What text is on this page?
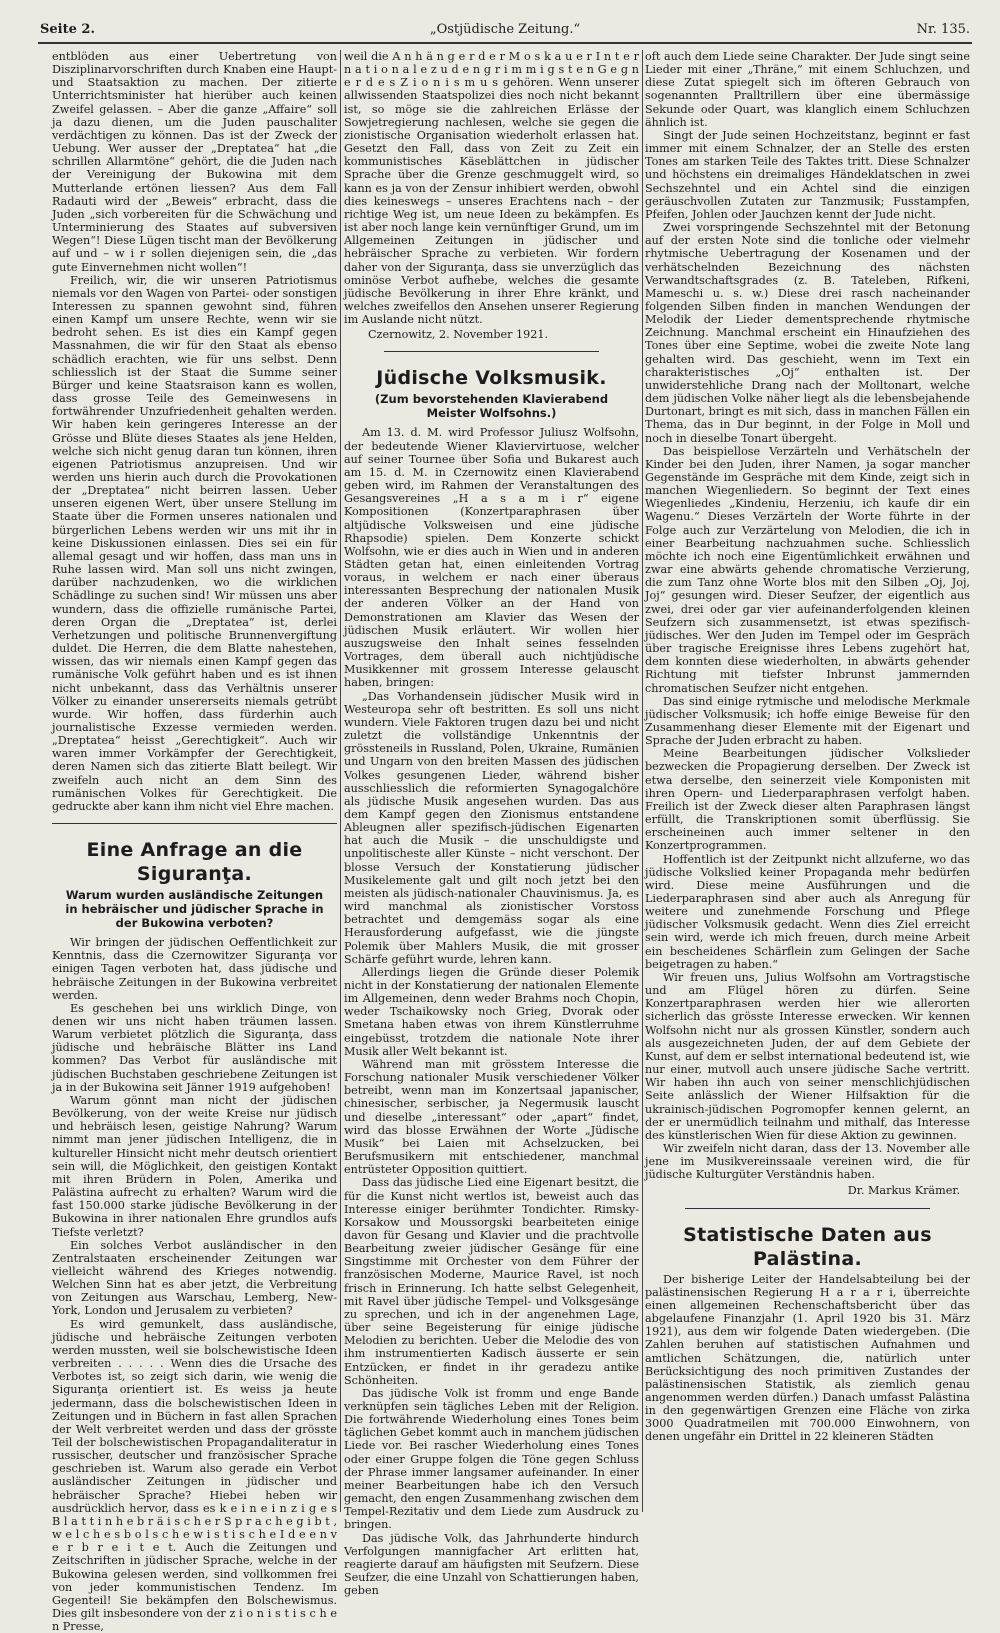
Seite 2.	„Ostjüdische Zeitung.“	Nr. 135.

entblöden aus einer Uebertretung von Disziplinarvorschriften durch Knaben eine Haupt- und Staatsaktion zu machen. Der zitierte Unterrichtsminister hat hierüber auch keinen Zweifel gelassen. – Aber die ganze „Affaire“ soll ja dazu dienen, um die Juden pauschaliter verdächtigen zu können. Das ist der Zweck der Uebung. Wer ausser der „Dreptatea“ hat „die schrillen Allarmtöne“ gehört, die die Juden nach der Vereinigung der Bukowina mit dem Mutterlande ertönen liessen? Aus dem Fall Radauti wird der „Beweis“ erbracht, dass die Juden „sich vorbereiten für die Schwächung und Unterminierung des Staates auf subversiven Wegen“! Diese Lügen tischt man der Bevölkerung auf und – w i r sollen diejenigen sein, die „das gute Einvernehmen nicht wollen“!

Freilich, wir, die wir unseren Patriotismus niemals vor den Wagen von Partei- oder sonstigen Interessen zu spannen gewohnt sind, führen einen Kampf um unsere Rechte, wenn wir sie bedroht sehen. Es ist dies ein Kampf gegen Massnahmen, die wir für den Staat als ebenso schädlich erachten, wie für uns selbst. Denn schliesslich ist der Staat die Summe seiner Bürger und keine Staatsraison kann es wollen, dass grosse Teile des Gemeinwesens in fortwährender Unzufriedenheit gehalten werden. Wir haben kein geringeres Interesse an der Grösse und Blüte dieses Staates als jene Helden, welche sich nicht genug daran tun können, ihren eigenen Patriotismus anzupreisen. Und wir werden uns hierin auch durch die Provokationen der „Dreptatea“ nicht beirren lassen. Ueber unseren eigenen Wert, über unsere Stellung im Staate über die Formen unseres nationalen und bürgerlichen Lebens werden wir uns mit ihr in keine Diskussionen einlassen. Dies sei ein für allemal gesagt und wir hoffen, dass man uns in Ruhe lassen wird. Man soll uns nicht zwingen, darüber nachzudenken, wo die wirklichen Schädlinge zu suchen sind! Wir müssen uns aber wundern, dass die offizielle rumänische Partei, deren Organ die „Dreptatea“ ist, derlei Verhetzungen und politische Brunnenvergiftung duldet. Die Herren, die dem Blatte nahestehen, wissen, das wir niemals einen Kampf gegen das rumänische Volk geführt haben und es ist ihnen nicht unbekannt, dass das Verhältnis unserer Völker zu einander unsererseits niemals getrübt wurde. Wir hoffen, dass fürderhin auch journalistische Exzesse vermieden werden. „Dreptatea“ heisst „Gerechtigkeit“. Auch wir waren immer Vorkämpfer der Gerechtigkeit, deren Namen sich das zitierte Blatt beilegt. Wir zweifeln auch nicht an dem Sinn des rumänischen Volkes für Gerechtigkeit. Die gedruckte aber kann ihm nicht viel Ehre machen.

Eine Anfrage an die Siguranţa.
Warum wurden ausländische Zeitungen in hebräischer und jüdischer Sprache in der Bukowina verboten?

Wir bringen der jüdischen Oeffentlichkeit zur Kenntnis, dass die Czernowitzer Siguranţa vor einigen Tagen verboten hat, dass jüdische und hebräische Zeitungen in der Bukowina verbreitet werden.

Es geschehen bei uns wirklich Dinge, von denen wir uns nicht haben träumen lassen. Warum verbietet plötzlich die Siguranţa, dass jüdische und hebräische Blätter ins Land kommen? Das Verbot für ausländische mit jüdischen Buchstaben geschriebene Zeitungen ist ja in der Bukowina seit Jänner 1919 aufgehoben!

Warum gönnt man nicht der jüdischen Bevölkerung, von der weite Kreise nur jüdisch und hebräisch lesen, geistige Nahrung? Warum nimmt man jener jüdischen Intelligenz, die in kultureller Hinsicht nicht mehr deutsch orientiert sein will, die Möglichkeit, den geistigen Kontakt mit ihren Brüdern in Polen, Amerika und Palästina aufrecht zu erhalten? Warum wird die fast 150.000 starke jüdische Bevölkerung in der Bukowina in ihrer nationalen Ehre grundlos aufs Tiefste verletzt?

Ein solches Verbot ausländischer in den Zentralstaaten erscheinender Zeitungen war vielleicht während des Krieges notwendig. Welchen Sinn hat es aber jetzt, die Verbreitung von Zeitungen aus Warschau, Lemberg, New-York, London und Jerusalem zu verbieten?

Es wird gemunkelt, dass ausländische, jüdische und hebräische Zeitungen verboten werden mussten, weil sie bolschewistische Ideen verbreiten . . . . . Wenn dies die Ursache des Verbotes ist, so zeigt sich darin, wie wenig die Siguranţa orientiert ist. Es weiss ja heute jedermann, dass die bolschewistischen Ideen in Zeitungen und in Büchern in fast allen Sprachen der Welt verbreitet werden und dass der grösste Teil der bolschewistischen Propagandaliteratur in russischer, deutscher und französischer Sprache geschrieben ist. Warum also gerade ein Verbot ausländischer Zeitungen in jüdischer und hebräischer Sprache? Hiebei heben wir ausdrücklich hervor, dass es k e i n e i n z i g e s B l a t t i n h e b r ä i s c h e r S p r a c h e g i b t , w e l c h e s b o l s c h e w i s t i s c h e I d e e n v e r b r e i t e t. Auch die Zeitungen und Zeitschriften in jüdischer Sprache, welche in der Bukowina gelesen werden, sind vollkommen frei von jeder kommunistischen Tendenz. Im Gegenteil! Sie bekämpfen den Bolschewismus. Dies gilt insbesondere von der z i o n i s t i s c h e n Presse,

weil die A n h ä n g e r d e r M o s k a u e r I n t e r n a t i o n a l e z u d e n g r i m m i g s t e n G e g n e r d e s Z i o n i s m u s gehören. Wenn unserer allwissenden Staatspolizei dies noch nicht bekannt ist, so möge sie die zahlreichen Erlässe der Sowjetregierung nachlesen, welche sie gegen die zionistische Organisation wiederholt erlassen hat. Gesetzt den Fall, dass von Zeit zu Zeit ein kommunistisches Käseblättchen in jüdischer Sprache über die Grenze geschmuggelt wird, so kann es ja von der Zensur inhibiert werden, obwohl dies keineswegs – unseres Erachtens nach – der richtige Weg ist, um neue Ideen zu bekämpfen. Es ist aber noch lange kein vernünftiger Grund, um im Allgemeinen Zeitungen in jüdischer und hebräischer Sprache zu verbieten. Wir fordern daher von der Siguranţa, dass sie unverzüglich das ominöse Verbot aufhebe, welches die gesamte jüdische Bevölkerung in ihrer Ehre kränkt, und welches zweifellos den Ansehen unserer Regierung im Auslande nicht nützt.

Czernowitz, 2. November 1921.

Jüdische Volksmusik.
(Zum bevorstehenden Klavierabend Meister Wolfsohns.)

Am 13. d. M. wird Professor Juliusz Wolfsohn, der bedeutende Wiener Klaviervirtuose, welcher auf seiner Tournee über Sofia und Bukarest auch am 15. d. M. in Czernowitz einen Klavierabend geben wird, im Rahmen der Veranstaltungen des Gesangsvereines „H a s a m i r“ eigene Kompositionen (Konzertparaphrasen über altjüdische Volksweisen und eine jüdische Rhapsodie) spielen. Dem Konzerte schickt Wolfsohn, wie er dies auch in Wien und in anderen Städten getan hat, einen einleitenden Vortrag voraus, in welchem er nach einer überaus interessanten Besprechung der nationalen Musik der anderen Völker an der Hand von Demonstrationen am Klavier das Wesen der jüdischen Musik erläutert. Wir wollen hier auszugsweise den Inhalt seines fesselnden Vortrages, dem überall auch nichtjüdische Musikkenner mit grossem Interesse gelauscht haben, bringen:

„Das Vorhandensein jüdischer Musik wird in Westeuropa sehr oft bestritten. Es soll uns nicht wundern. Viele Faktoren trugen dazu bei und nicht zuletzt die vollständige Unkenntnis der grössteneils in Russland, Polen, Ukraine, Rumänien und Ungarn von den breiten Massen des jüdischen Volkes gesungenen Lieder, während bisher ausschliesslich die reformierten Synagogalchöre als jüdische Musik angesehen wurden. Das aus dem Kampf gegen den Zionismus entstandene Ableugnen aller spezifisch-jüdischen Eigenarten hat auch die Musik – die unschuldigste und unpolitischeste aller Künste – nicht verschont. Der blosse Versuch der Konstatierung jüdischer Musikelemente galt und gilt noch jetzt bei den meisten als jüdisch-nationaler Chauvinismus. Ja, es wird manchmal als zionistischer Vorstoss betrachtet und demgemäss sogar als eine Herausforderung aufgefasst, wie die jüngste Polemik über Mahlers Musik, die mit grosser Schärfe geführt wurde, lehren kann.

Allerdings liegen die Gründe dieser Polemik nicht in der Konstatierung der nationalen Elemente im Allgemeinen, denn weder Brahms noch Chopin, weder Tschaikowsky noch Grieg, Dvorak oder Smetana haben etwas von ihrem Künstlerruhme eingebüsst, trotzdem die nationale Note ihrer Musik aller Welt bekannt ist.

Während man mit grösstem Interesse die Forschung nationaler Musik verschiedener Völker betreibt, wenn man im Konzertsaal japanischer, chinesischer, serbischer, ja Negermusik lauscht und dieselbe „interessant“ oder „apart“ findet, wird das blosse Erwähnen der Worte „Jüdische Musik“ bei Laien mit Achselzucken, bei Berufsmusikern mit entschiedener, manchmal entrüsteter Opposition quittiert.

Dass das jüdische Lied eine Eigenart besitzt, die für die Kunst nicht wertlos ist, beweist auch das Interesse einiger berühmter Tondichter. Rimsky-Korsakow und Moussorgski bearbeiteten einige davon für Gesang und Klavier und die prachtvolle Bearbeitung zweier jüdischer Gesänge für eine Singstimme mit Orchester von dem Führer der französischen Moderne, Maurice Ravel, ist noch frisch in Erinnerung. Ich hatte selbst Gelegenheit, mit Ravel über jüdische Tempel- und Volksgesänge zu sprechen, und ich in der angenehmen Lage, über seine Begeisterung für einige jüdische Melodien zu berichten. Ueber die Melodie des von ihm instrumentierten Kadisch äusserte er sein Entzücken, er findet in ihr geradezu antike Schönheiten.

Das jüdische Volk ist fromm und enge Bande verknüpfen sein tägliches Leben mit der Religion. Die fortwährende Wiederholung eines Tones beim täglichen Gebet kommt auch in manchem jüdischen Liede vor. Bei rascher Wiederholung eines Tones oder einer Gruppe folgen die Töne gegen Schluss der Phrase immer langsamer aufeinander. In einer meiner Bearbeitungen habe ich den Versuch gemacht, den engen Zusammenhang zwischen dem Tempel-Rezitativ und dem Liede zum Ausdruck zu bringen.

Das jüdische Volk, das Jahrhunderte hindurch Verfolgungen mannigfacher Art erlitten hat, reagierte darauf am häufigsten mit Seufzern. Diese Seufzer, die eine Unzahl von Schattierungen haben, geben

oft auch dem Liede seine Charakter. Der Jude singt seine Lieder mit einer „Thräne,“ mit einem Schluchzen, und diese Zutat spiegelt sich im öfteren Gebrauch von sogenannten Pralltrillern über eine übermässige Sekunde oder Quart, was klanglich einem Schluchzen ähnlich ist.

Singt der Jude seinen Hochzeitstanz, beginnt er fast immer mit einem Schnalzer, der an Stelle des ersten Tones am starken Teile des Taktes tritt. Diese Schnalzer und höchstens ein dreimaliges Händeklatschen in zwei Sechszehntel und ein Achtel sind die einzigen geräuschvollen Zutaten zur Tanzmusik; Fusstampfen, Pfeifen, Johlen oder Jauchzen kennt der Jude nicht.

Zwei vorspringende Sechszehntel mit der Betonung auf der ersten Note sind die tonliche oder vielmehr rhytmische Uebertragung der Kosenamen und der verhätschelnden Bezeichnung des nächsten Verwandtschaftsgrades (z. B. Tateleben, Rifkeni, Mameschi u. s. w.) Diese drei rasch nacheinander folgenden Silben finden in manchen Wendungen der Melodik der Lieder dementsprechende rhytmische Zeichnung. Manchmal erscheint ein Hinaufziehen des Tones über eine Septime, wobei die zweite Note lang gehalten wird. Das geschieht, wenn im Text ein charakteristisches „Oj“ enthalten ist. Der unwiderstehliche Drang nach der Molltonart, welche dem jüdischen Volke näher liegt als die lebensbejahende Durtonart, bringt es mit sich, dass in manchen Fällen ein Thema, das in Dur beginnt, in der Folge in Moll und noch in dieselbe Tonart übergeht.

Das beispiellose Verzärteln und Verhätscheln der Kinder bei den Juden, ihrer Namen, ja sogar mancher Gegenstände im Gespräche mit dem Kinde, zeigt sich in manchen Wiegenliedern. So beginnt der Text eines Wiegenliedes „Kindeniu, Herzeniu, ich kaufe dir ein Wagenu.“ Dieses Verzärteln der Worte führte in der Folge auch zur Verzärtelung von Melodien, die ich in einer Bearbeitung nachzuahmen suche. Schliesslich möchte ich noch eine Eigentümlichkeit erwähnen und zwar eine abwärts gehende chromatische Verzierung, die zum Tanz ohne Worte blos mit den Silben „Oj, Joj, Joj“ gesungen wird. Dieser Seufzer, der eigentlich aus zwei, drei oder gar vier aufeinanderfolgenden kleinen Seufzern sich zusammensetzt, ist etwas spezifisch-jüdisches. Wer den Juden im Tempel oder im Gespräch über tragische Ereignisse ihres Lebens zugehört hat, dem konnten diese wiederholten, in abwärts gehender Richtung mit tiefster Inbrunst jammernden chromatischen Seufzer nicht entgehen.

Das sind einige rytmische und melodische Merkmale jüdischer Volksmusik; ich hoffe einige Beweise für den Zusammenhang dieser Elemente mit der Eigenart und Sprache der Juden erbracht zu haben.

Meine Bearbeitungen jüdischer Volkslieder bezwecken die Propagierung derselben. Der Zweck ist etwa derselbe, den seinerzeit viele Komponisten mit ihren Opern- und Liederparaphrasen verfolgt haben. Freilich ist der Zweck dieser alten Paraphrasen längst erfüllt, die Transkriptionen somit überflüssig. Sie erscheineinen auch immer seltener in den Konzertprogrammen.

Hoffentlich ist der Zeitpunkt nicht allzuferne, wo das jüdische Volkslied keiner Propaganda mehr bedürfen wird. Diese meine Ausführungen und die Liederparaphrasen sind aber auch als Anregung für weitere und zunehmende Forschung und Pflege jüdischer Volksmusik gedacht. Wenn dies Ziel erreicht sein wird, werde ich mich freuen, durch meine Arbeit ein bescheidenes Schärflein zum Gelingen der Sache beigetragen zu haben.“

Wir freuen uns, Julius Wolfsohn am Vortragstische und am Flügel hören zu dürfen. Seine Konzertparaphrasen werden hier wie allerorten sicherlich das grösste Interesse erwecken. Wir kennen Wolfsohn nicht nur als grossen Künstler, sondern auch als ausgezeichneten Juden, der auf dem Gebiete der Kunst, auf dem er selbst international bedeutend ist, wie nur einer, mutvoll auch unsere jüdische Sache vertritt. Wir haben ihn auch von seiner menschlichjüdischen Seite anlässlich der Wiener Hilfsaktion für die ukrainisch-jüdischen Pogromopfer kennen gelernt, an der er unermüdlich teilnahm und mithalf, das Interesse des künstlerischen Wien für diese Aktion zu gewinnen.

Wir zweifeln nicht daran, dass der 13. November alle jene im Musikvereinssaale vereinen wird, die für jüdische Kulturgüter Verständnis haben.

Dr. Markus Krämer.

Statistische Daten aus Palästina.

Der bisherige Leiter der Handelsabteilung bei der palästinensischen Regierung H a r a r i, überreichte einen allgemeinen Rechenschaftsbericht über das abgelaufene Finanzjahr (1. April 1920 bis 31. März 1921), aus dem wir folgende Daten wiedergeben. (Die Zahlen beruhen auf statistischen Aufnahmen und amtlichen Schätzungen, die, natürlich unter Berücksichtigung des noch primitiven Zustandes der palästinensischen Statistik, als ziemlich genau angenommen werden dürfen.) Danach umfasst Palästina in den gegenwärtigen Grenzen eine Fläche von zirka 3000 Quadratmeilen mit 700.000 Einwohnern, von denen ungefähr ein Drittel in 22 kleineren Städten
